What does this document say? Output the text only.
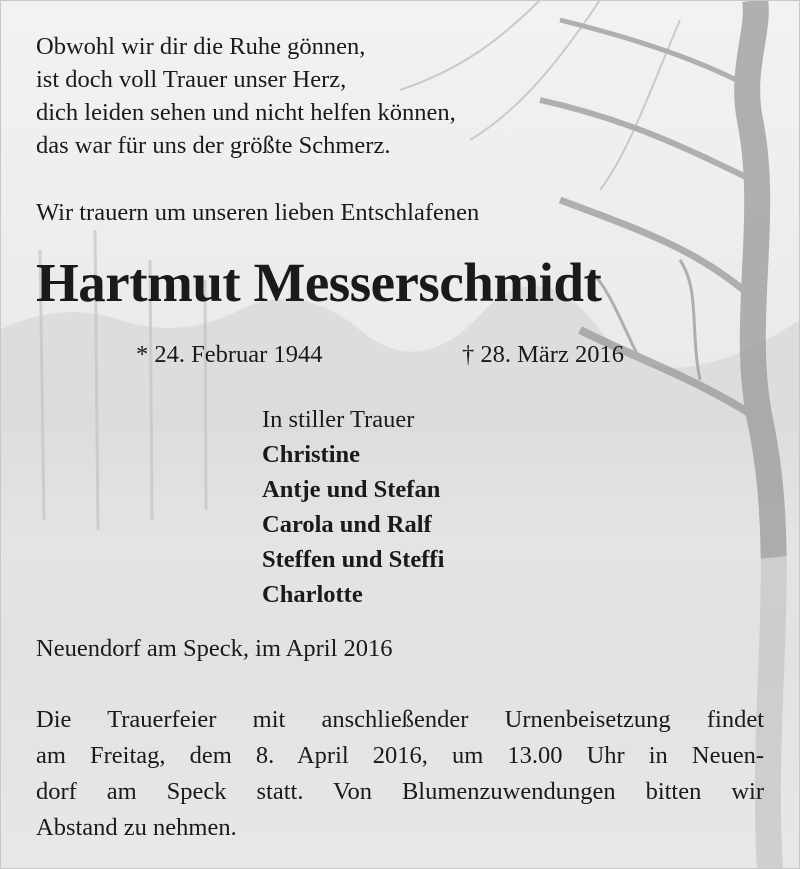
Obwohl wir dir die Ruhe gönnen,
ist doch voll Trauer unser Herz,
dich leiden sehen und nicht helfen können,
das war für uns der größte Schmerz.

Wir trauern um unseren lieben Entschlafenen

Hartmut Messerschmidt

* 24. Februar 1944	† 28. März 2016

In stiller Trauer
Christine
Antje und Stefan
Carola und Ralf
Steffen und Steffi
Charlotte

Neuendorf am Speck, im April 2016

Die Trauerfeier mit anschließender Urnenbeisetzung findet
am Freitag, dem 8. April 2016, um 13.00 Uhr in Neuen-
dorf am Speck statt. Von Blumenzuwendungen bitten wir
Abstand zu nehmen.
